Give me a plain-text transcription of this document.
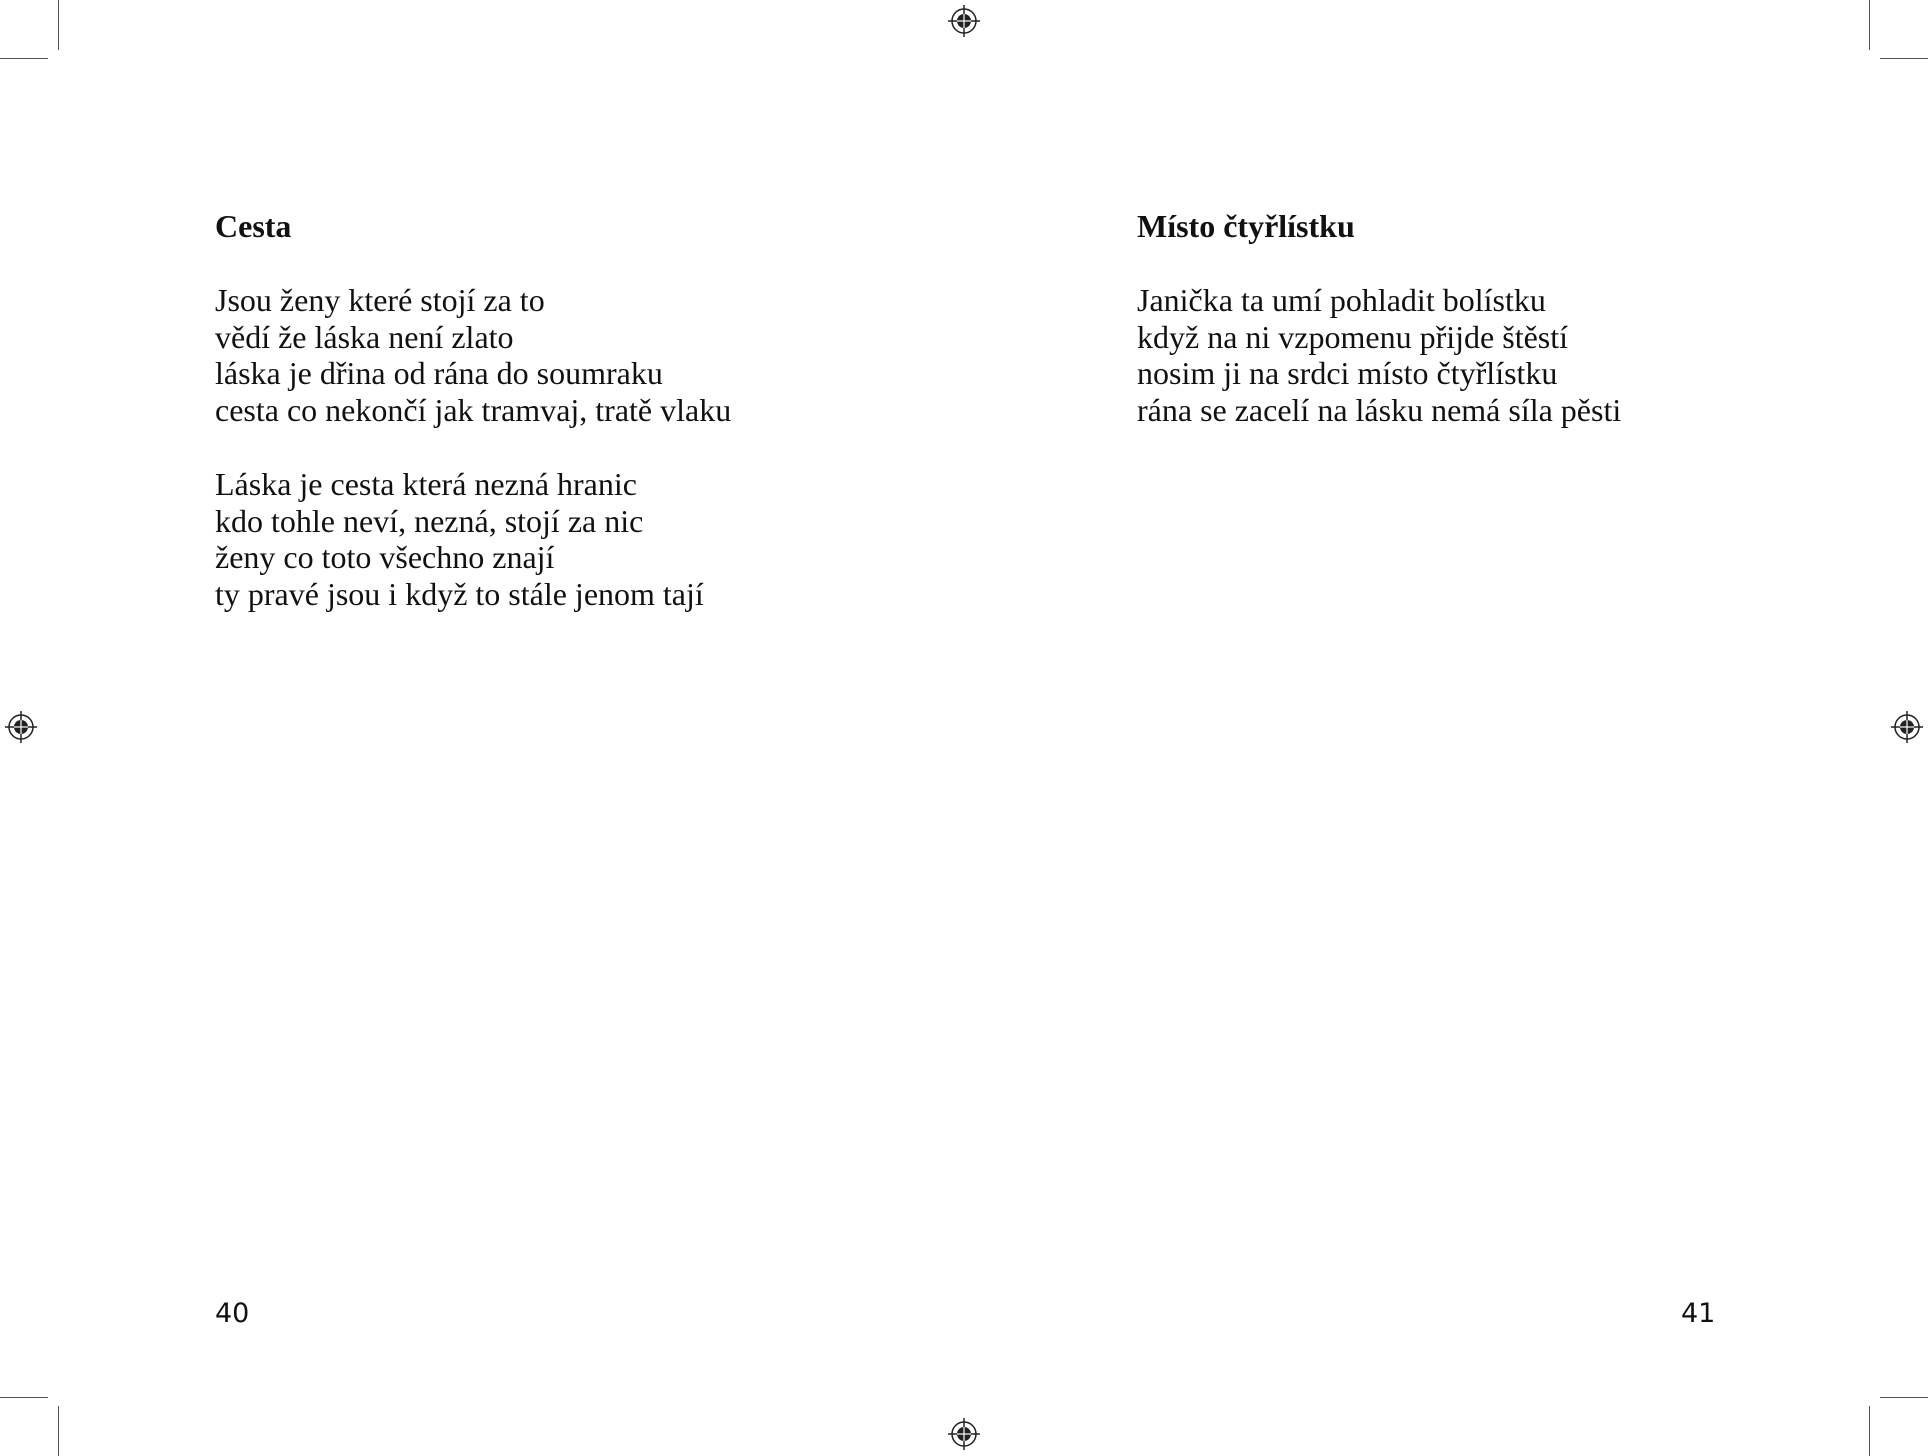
Cesta
Jsou ženy které stojí za to
vědí že láska není zlato
láska je dřina od rána do soumraku
cesta co nekončí jak tramvaj, tratě vlaku
Láska je cesta která nezná hranic
kdo tohle neví, nezná, stojí za nic
ženy co toto všechno znají
ty pravé jsou i když to stále jenom tají
40
Místo čtyřlístku
Janička ta umí pohladit bolístku
když na ni vzpomenu přijde štěstí
nosim ji na srdci místo čtyřlístku
rána se zacelí na lásku nemá síla pěsti
41
